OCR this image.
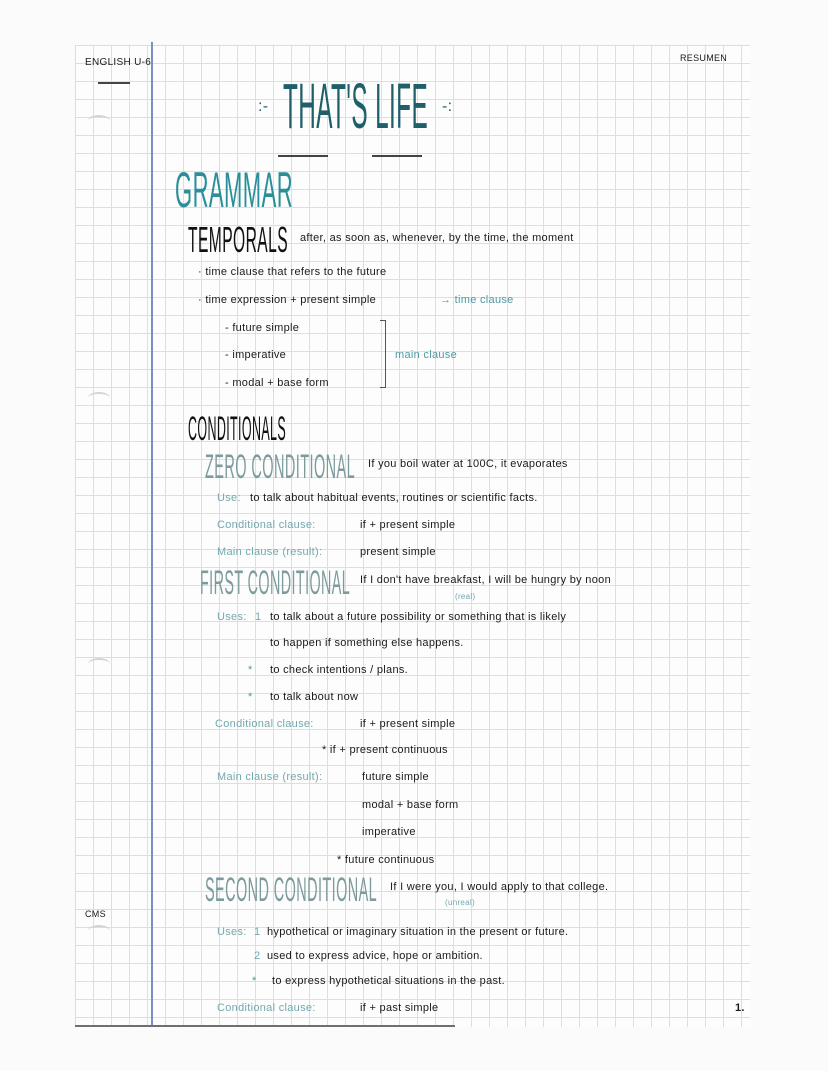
ENGLISH U-6	RESUMEN
:- THAT'S LIFE -:
GRAMMAR
TEMPORALS after, as soon as, whenever, by the time, the moment
· time clause that refers to the future
· time expression + present simple	→ time clause
- future simple
- imperative
- modal + base form
main clause
CONDITIONALS
ZERO CONDITIONAL If you boil water at 100C, it evaporates
Use: to talk about habitual events, routines or scientific facts.
Conditional clause:	if + present simple
Main clause (result):	present simple
FIRST CONDITIONAL If I don't have breakfast, I will be hungry by noon
(real)
Uses: 1 to talk about a future possibility or something that is likely
to happen if something else happens.
* to check intentions / plans.
* to talk about now
Conditional clause:	if + present simple
* if + present continuous
Main clause (result):	future simple
modal + base form
imperative
* future continuous
SECOND CONDITIONAL If I were you, I would apply to that college.
(unreal)
CMS
Uses: 1 hypothetical or imaginary situation in the present or future.
2 used to express advice, hope or ambition.
* to express hypothetical situations in the past.
Conditional clause:	if + past simple	1.
